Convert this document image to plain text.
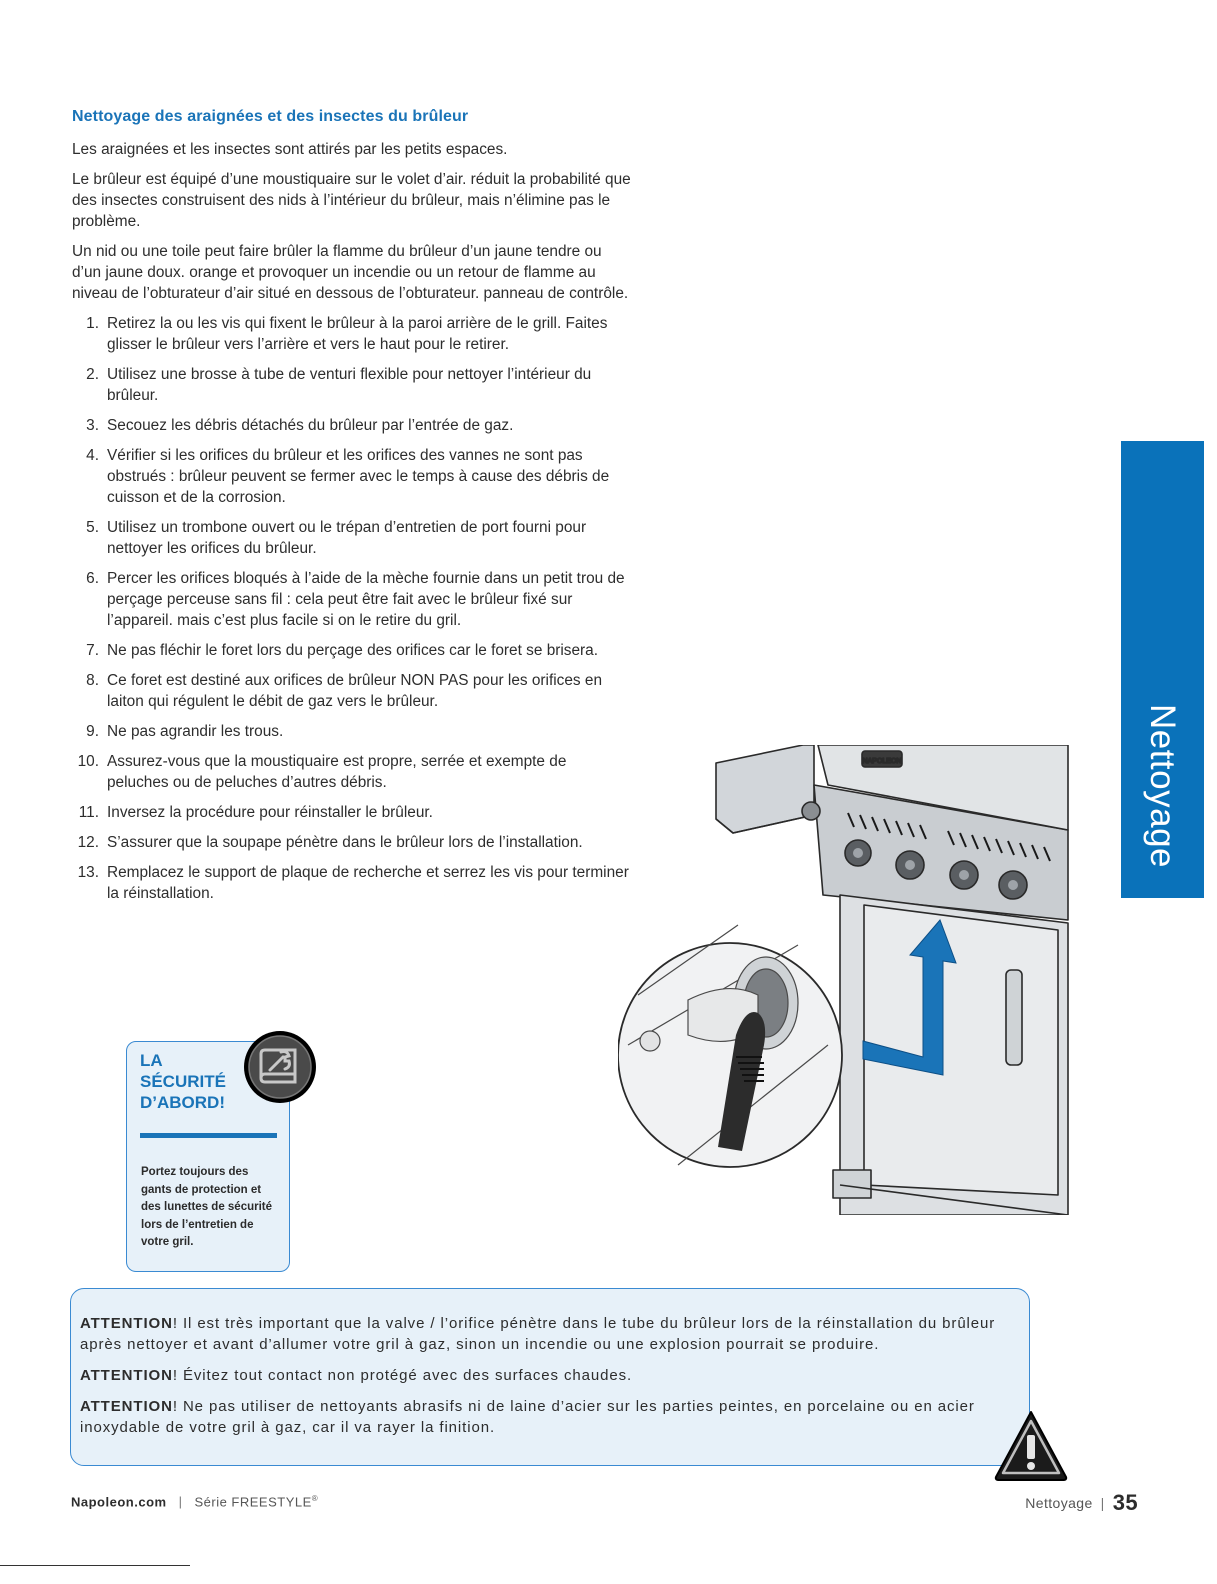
Nettoyage des araignées et des insectes du brûleur

Les araignées et les insectes sont attirés par les petits espaces.

Le brûleur est équipé d’une moustiquaire sur le volet d’air. réduit la probabilité que des insectes construisent des nids à l’intérieur du brûleur, mais n’élimine pas le problème.

Un nid ou une toile peut faire brûler la flamme du brûleur d’un jaune tendre ou d’un jaune doux. orange et provoquer un incendie ou un retour de flamme au niveau de l’obturateur d’air situé en dessous de l’obturateur. panneau de contrôle.

1. Retirez la ou les vis qui fixent le brûleur à la paroi arrière de le grill. Faites glisser le brûleur vers l’arrière et vers le haut pour le retirer.
2. Utilisez une brosse à tube de venturi flexible pour nettoyer l’intérieur du brûleur.
3. Secouez les débris détachés du brûleur par l’entrée de gaz.
4. Vérifier si les orifices du brûleur et les orifices des vannes ne sont pas obstrués : brûleur peuvent se fermer avec le temps à cause des débris de cuisson et de la corrosion.
5. Utilisez un trombone ouvert ou le trépan d’entretien de port fourni pour nettoyer les orifices du brûleur.
6. Percer les orifices bloqués à l’aide de la mèche fournie dans un petit trou de perçage perceuse sans fil : cela peut être fait avec le brûleur fixé sur l’appareil. mais c’est plus facile si on le retire du gril.
7. Ne pas fléchir le foret lors du perçage des orifices car le foret se brisera.
8. Ce foret est destiné aux orifices de brûleur NON PAS pour les orifices en laiton qui régulent le débit de gaz vers le brûleur.
9. Ne pas agrandir les trous.
10. Assurez-vous que la moustiquaire est propre, serrée et exempte de peluches ou de peluches d’autres débris.
11. Inversez la procédure pour réinstaller le brûleur.
12. S’assurer que la soupape pénètre dans le brûleur lors de l’installation.
13. Remplacez le support de plaque de recherche et serrez les vis pour terminer la réinstallation.
Nettoyage
NAPOLEON
LA
SÉCURITÉ
D’ABORD!
Portez toujours des gants de protection et des lunettes de sécurité lors de l’entretien de votre gril.

ATTENTION! Il est très important que la valve / l’orifice pénètre dans le tube du brûleur lors de la réinstallation du brûleur après nettoyer et avant d’allumer votre gril à gaz, sinon un incendie ou une explosion pourrait se produire.

ATTENTION! Évitez tout contact non protégé avec des surfaces chaudes.

ATTENTION! Ne pas utiliser de nettoyants abrasifs ni de laine d’acier sur les parties peintes, en porcelaine ou en acier inoxydable de votre gril à gaz, car il va rayer la finition.

Napoleon.com | Série FREESTYLE®	Nettoyage | 35
